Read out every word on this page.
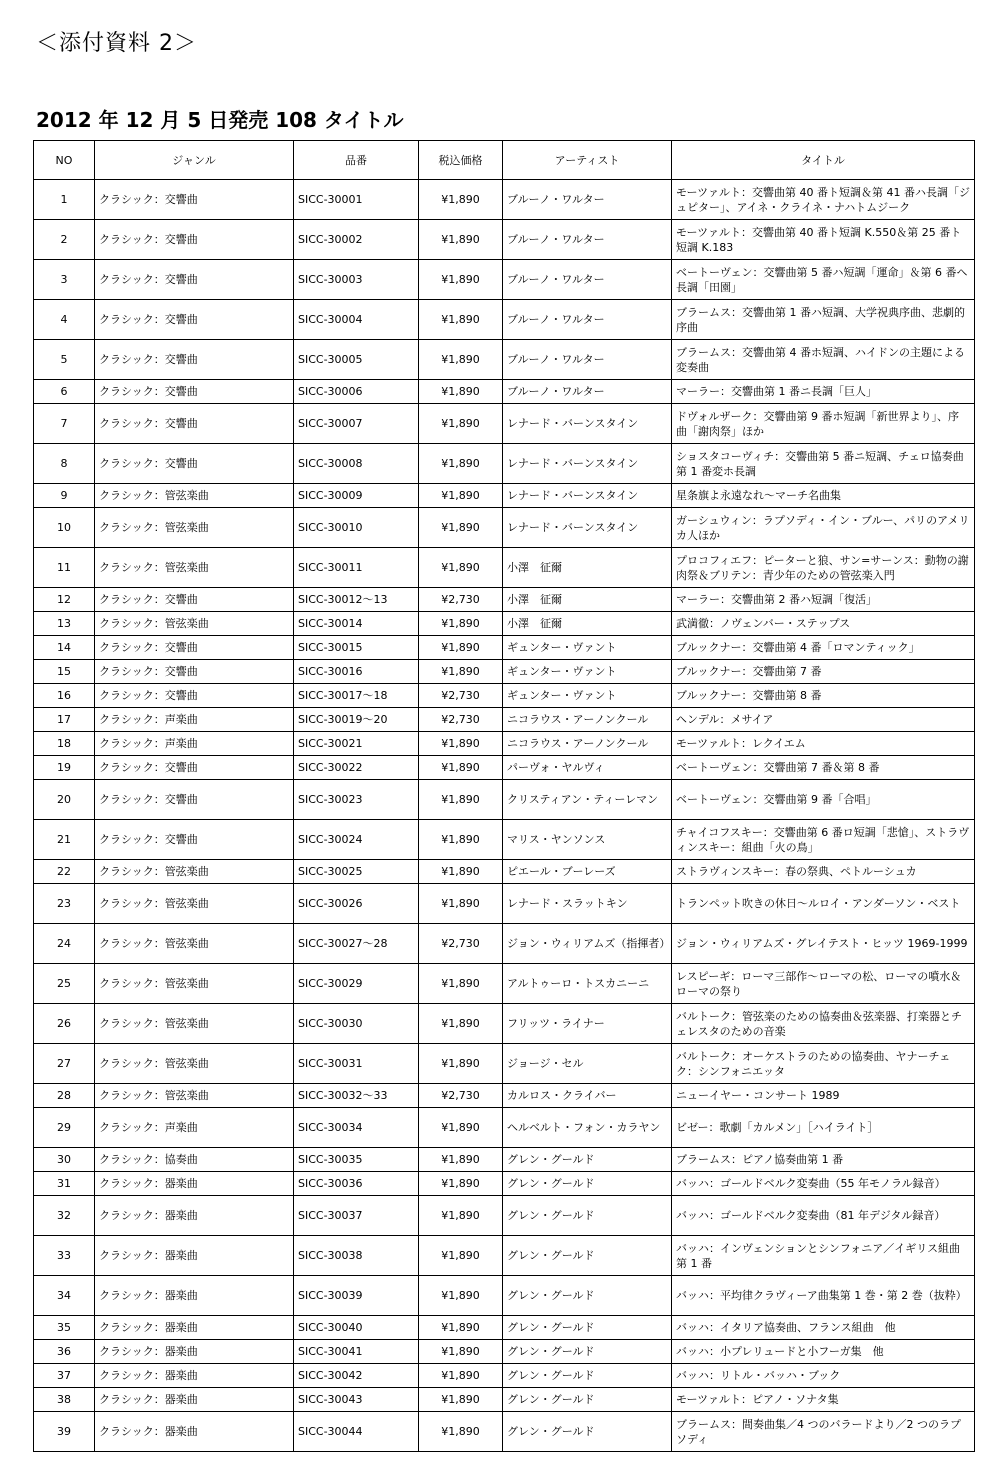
＜添付資料 2＞
2012 年 12 月 5 日発売 108 タイトル
NO	ジャンル	品番	税込価格	アーティスト	タイトル
1	クラシック：交響曲	SICC-30001	¥1,890	ブルーノ・ワルター	モーツァルト：交響曲第 40 番ト短調＆第 41 番ハ長調「ジュピター」、アイネ・クライネ・ナハトムジーク
2	クラシック：交響曲	SICC-30002	¥1,890	ブルーノ・ワルター	モーツァルト：交響曲第 40 番ト短調 K.550＆第 25 番ト短調 K.183
3	クラシック：交響曲	SICC-30003	¥1,890	ブルーノ・ワルター	ベートーヴェン：交響曲第 5 番ハ短調「運命」＆第 6 番ヘ長調「田園」
4	クラシック：交響曲	SICC-30004	¥1,890	ブルーノ・ワルター	ブラームス：交響曲第 1 番ハ短調、大学祝典序曲、悲劇的序曲
5	クラシック：交響曲	SICC-30005	¥1,890	ブルーノ・ワルター	ブラームス：交響曲第 4 番ホ短調、ハイドンの主題による変奏曲
6	クラシック：交響曲	SICC-30006	¥1,890	ブルーノ・ワルター	マーラー：交響曲第 1 番ニ長調「巨人」
7	クラシック：交響曲	SICC-30007	¥1,890	レナード・バーンスタイン	ドヴォルザーク：交響曲第 9 番ホ短調「新世界より」、序曲「謝肉祭」ほか
8	クラシック：交響曲	SICC-30008	¥1,890	レナード・バーンスタイン	ショスタコーヴィチ：交響曲第 5 番ニ短調、チェロ協奏曲第 1 番変ホ長調
9	クラシック：管弦楽曲	SICC-30009	¥1,890	レナード・バーンスタイン	星条旗よ永遠なれ～マーチ名曲集
10	クラシック：管弦楽曲	SICC-30010	¥1,890	レナード・バーンスタイン	ガーシュウィン：ラプソディ・イン・ブルー、パリのアメリカ人ほか
11	クラシック：管弦楽曲	SICC-30011	¥1,890	小澤　征爾	プロコフィエフ：ピーターと狼、サン=サーンス：動物の謝肉祭＆ブリテン：青少年のための管弦楽入門
12	クラシック：交響曲	SICC-30012～13	¥2,730	小澤　征爾	マーラー：交響曲第 2 番ハ短調「復活」
13	クラシック：管弦楽曲	SICC-30014	¥1,890	小澤　征爾	武満徹：ノヴェンバー・ステップス
14	クラシック：交響曲	SICC-30015	¥1,890	ギュンター・ヴァント	ブルックナー：交響曲第 4 番「ロマンティック」
15	クラシック：交響曲	SICC-30016	¥1,890	ギュンター・ヴァント	ブルックナー：交響曲第 7 番
16	クラシック：交響曲	SICC-30017～18	¥2,730	ギュンター・ヴァント	ブルックナー：交響曲第 8 番
17	クラシック：声楽曲	SICC-30019～20	¥2,730	ニコラウス・アーノンクール	ヘンデル：メサイア
18	クラシック：声楽曲	SICC-30021	¥1,890	ニコラウス・アーノンクール	モーツァルト：レクイエム
19	クラシック：交響曲	SICC-30022	¥1,890	パーヴォ・ヤルヴィ	ベートーヴェン：交響曲第 7 番＆第 8 番
20	クラシック：交響曲	SICC-30023	¥1,890	クリスティアン・ティーレマン	ベートーヴェン：交響曲第 9 番「合唱」
21	クラシック：交響曲	SICC-30024	¥1,890	マリス・ヤンソンス	チャイコフスキー：交響曲第 6 番ロ短調「悲愴」、ストラヴィンスキー：組曲「火の鳥」
22	クラシック：管弦楽曲	SICC-30025	¥1,890	ピエール・ブーレーズ	ストラヴィンスキー：春の祭典、ペトルーシュカ
23	クラシック：管弦楽曲	SICC-30026	¥1,890	レナード・スラットキン	トランペット吹きの休日～ルロイ・アンダーソン・ベスト
24	クラシック：管弦楽曲	SICC-30027～28	¥2,730	ジョン・ウィリアムズ（指揮者）	ジョン・ウィリアムズ・グレイテスト・ヒッツ 1969-1999
25	クラシック：管弦楽曲	SICC-30029	¥1,890	アルトゥーロ・トスカニーニ	レスピーギ：ローマ三部作～ローマの松、ローマの噴水＆ローマの祭り
26	クラシック：管弦楽曲	SICC-30030	¥1,890	フリッツ・ライナー	バルトーク：管弦楽のための協奏曲＆弦楽器、打楽器とチェレスタのための音楽
27	クラシック：管弦楽曲	SICC-30031	¥1,890	ジョージ・セル	バルトーク：オーケストラのための協奏曲、ヤナーチェク：シンフォニエッタ
28	クラシック：管弦楽曲	SICC-30032～33	¥2,730	カルロス・クライバー	ニューイヤー・コンサート 1989
29	クラシック：声楽曲	SICC-30034	¥1,890	ヘルベルト・フォン・カラヤン	ビゼー：歌劇「カルメン」［ハイライト］
30	クラシック：協奏曲	SICC-30035	¥1,890	グレン・グールド	ブラームス：ピアノ協奏曲第 1 番
31	クラシック：器楽曲	SICC-30036	¥1,890	グレン・グールド	バッハ：ゴールドベルク変奏曲（55 年モノラル録音）
32	クラシック：器楽曲	SICC-30037	¥1,890	グレン・グールド	バッハ：ゴールドベルク変奏曲（81 年デジタル録音）
33	クラシック：器楽曲	SICC-30038	¥1,890	グレン・グールド	バッハ：インヴェンションとシンフォニア／イギリス組曲第 1 番
34	クラシック：器楽曲	SICC-30039	¥1,890	グレン・グールド	バッハ：平均律クラヴィーア曲集第 1 巻・第 2 巻（抜粋）
35	クラシック：器楽曲	SICC-30040	¥1,890	グレン・グールド	バッハ：イタリア協奏曲、フランス組曲　他
36	クラシック：器楽曲	SICC-30041	¥1,890	グレン・グールド	バッハ：小プレリュードと小フーガ集　他
37	クラシック：器楽曲	SICC-30042	¥1,890	グレン・グールド	バッハ：リトル・バッハ・ブック
38	クラシック：器楽曲	SICC-30043	¥1,890	グレン・グールド	モーツァルト：ピアノ・ソナタ集
39	クラシック：器楽曲	SICC-30044	¥1,890	グレン・グールド	ブラームス：間奏曲集／4 つのバラードより／2 つのラプソディ
